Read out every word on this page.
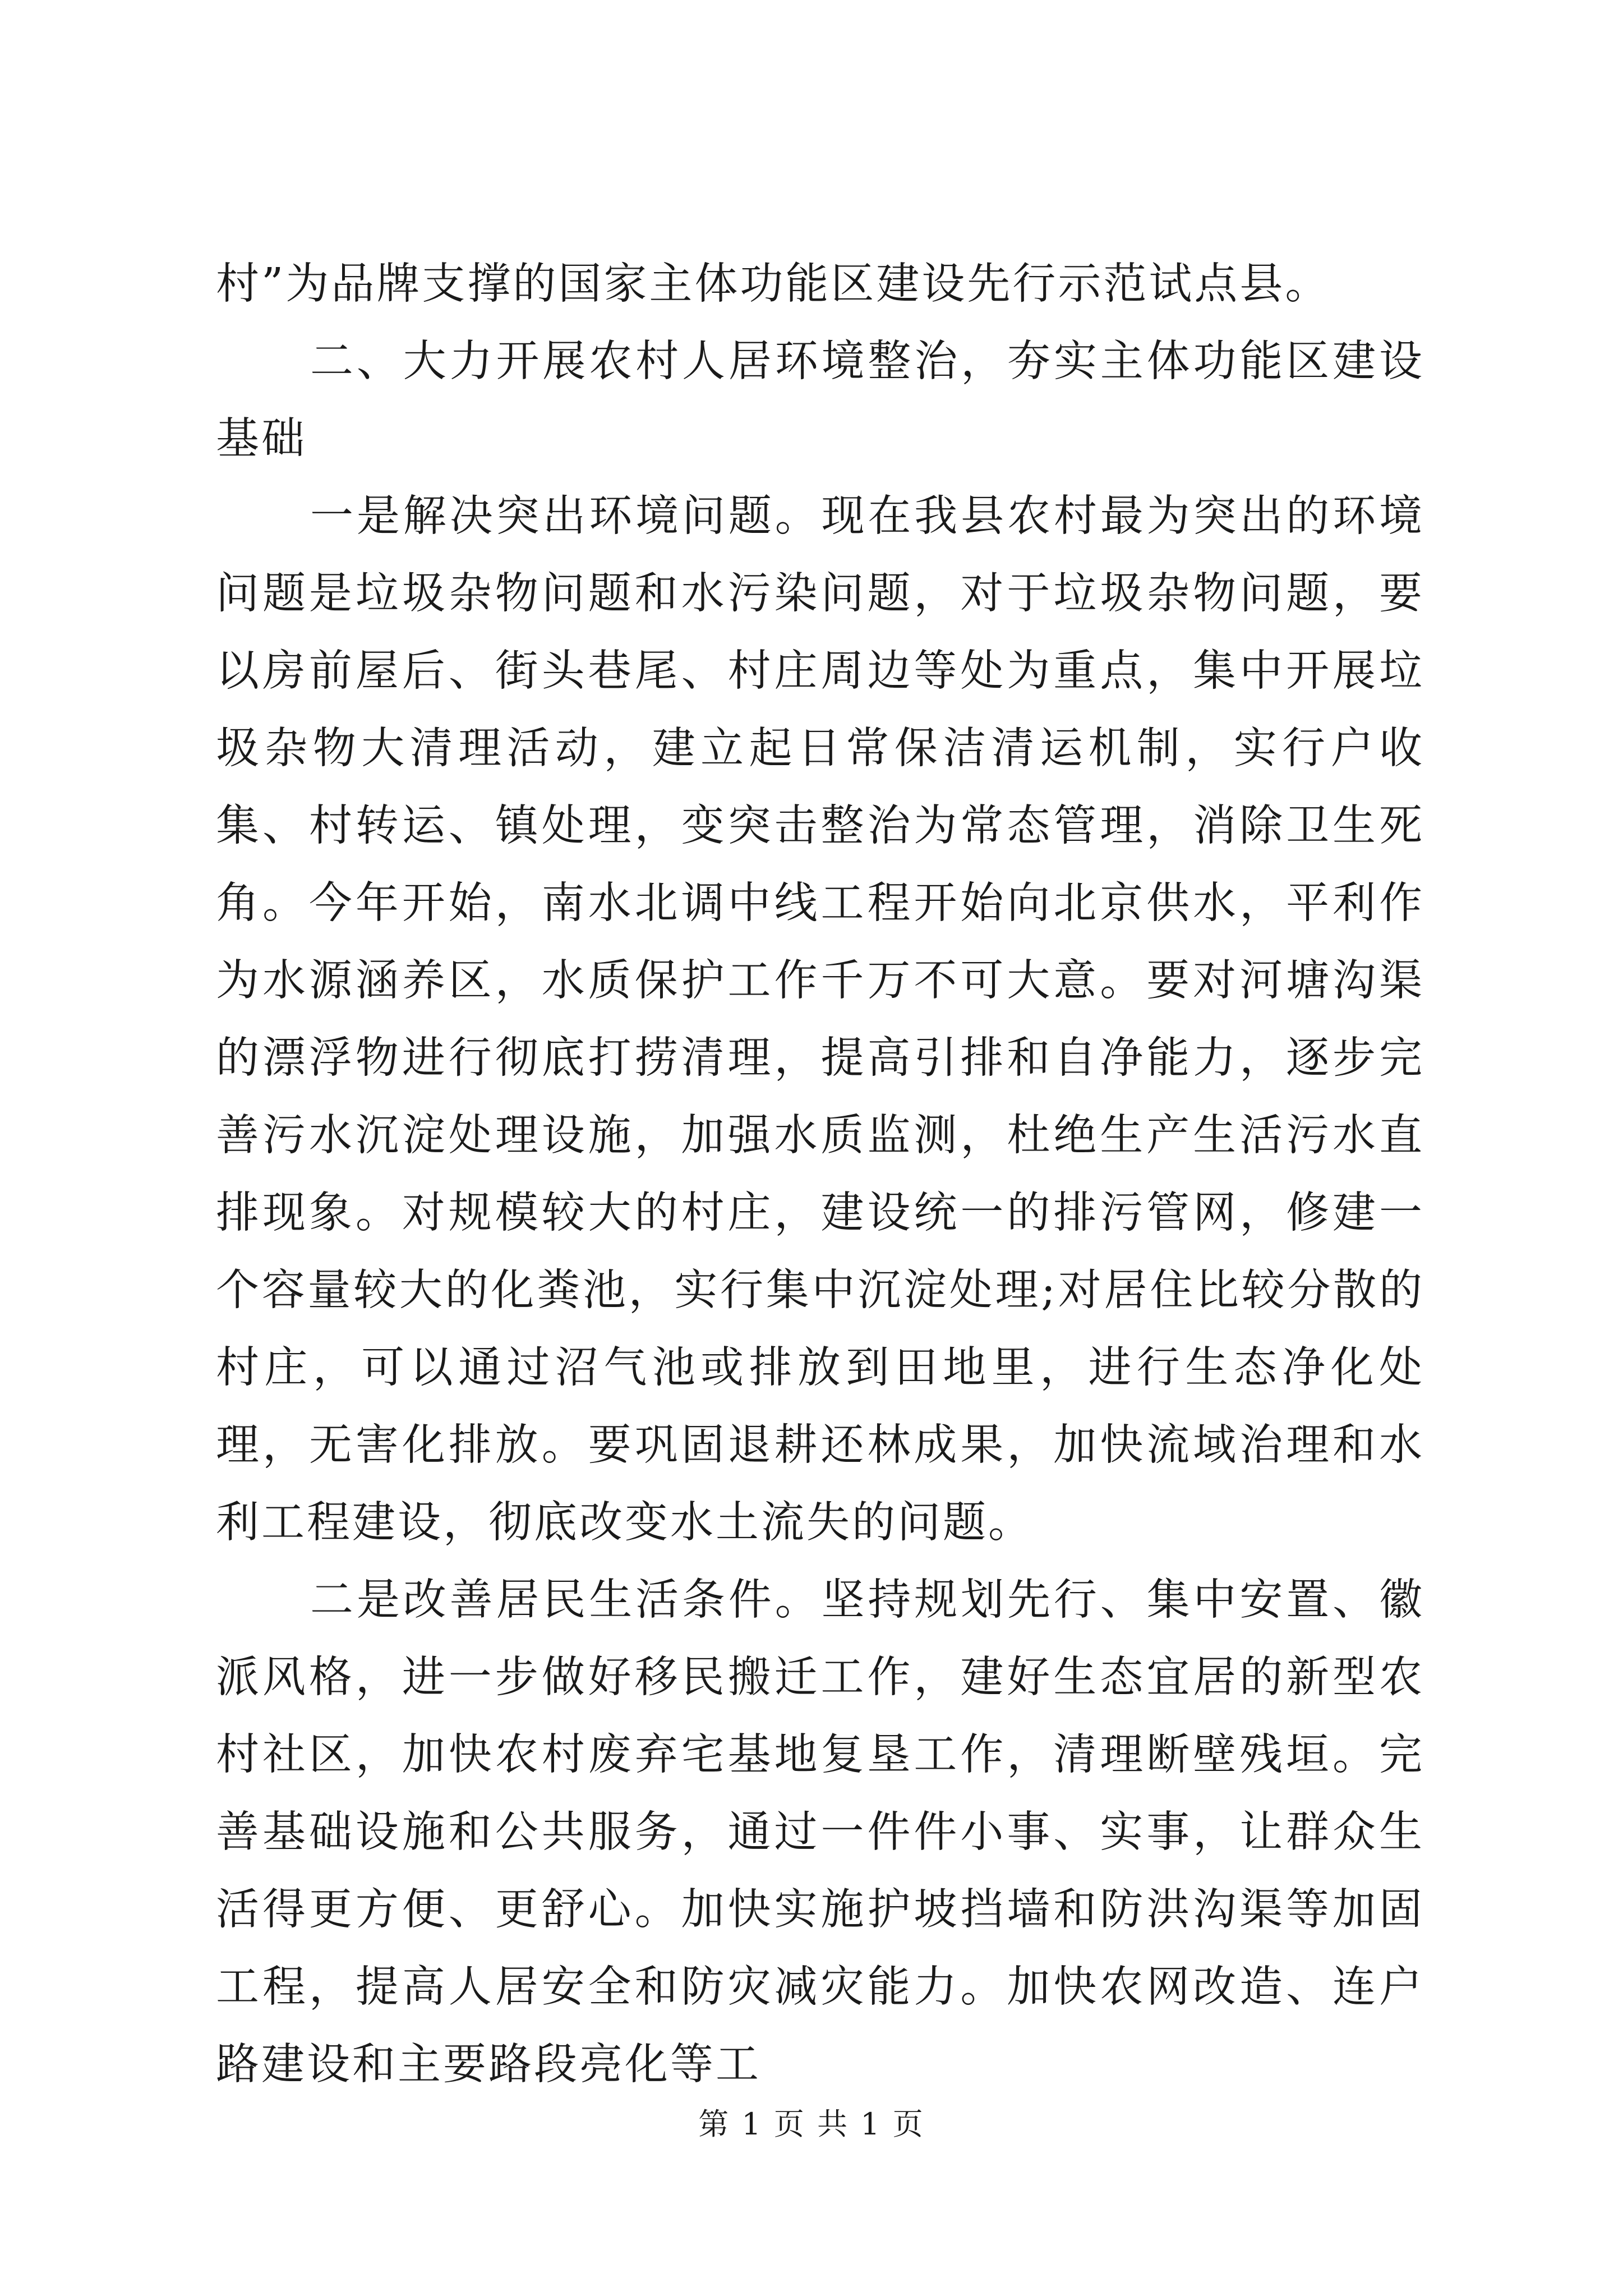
村”为品牌支撑的国家主体功能区建设先行示范试点县。

二、大力开展农村人居环境整治，夯实主体功能区建设基础

一是解决突出环境问题。现在我县农村最为突出的环境问题是垃圾杂物问题和水污染问题，对于垃圾杂物问题，要以房前屋后、街头巷尾、村庄周边等处为重点，集中开展垃圾杂物大清理活动，建立起日常保洁清运机制，实行户收集、村转运、镇处理，变突击整治为常态管理，消除卫生死角。今年开始，南水北调中线工程开始向北京供水，平利作为水源涵养区，水质保护工作千万不可大意。要对河塘沟渠的漂浮物进行彻底打捞清理，提高引排和自净能力，逐步完善污水沉淀处理设施，加强水质监测，杜绝生产生活污水直排现象。对规模较大的村庄，建设统一的排污管网，修建一个容量较大的化粪池，实行集中沉淀处理;对居住比较分散的村庄，可以通过沼气池或排放到田地里，进行生态净化处理，无害化排放。要巩固退耕还林成果，加快流域治理和水利工程建设，彻底改变水土流失的问题。

二是改善居民生活条件。坚持规划先行、集中安置、徽派风格，进一步做好移民搬迁工作，建好生态宜居的新型农村社区，加快农村废弃宅基地复垦工作，清理断壁残垣。完善基础设施和公共服务，通过一件件小事、实事，让群众生活得更方便、更舒心。加快实施护坡挡墙和防洪沟渠等加固工程，提高人居安全和防灾减灾能力。加快农网改造、连户路建设和主要路段亮化等工

第 1 页 共 1 页
